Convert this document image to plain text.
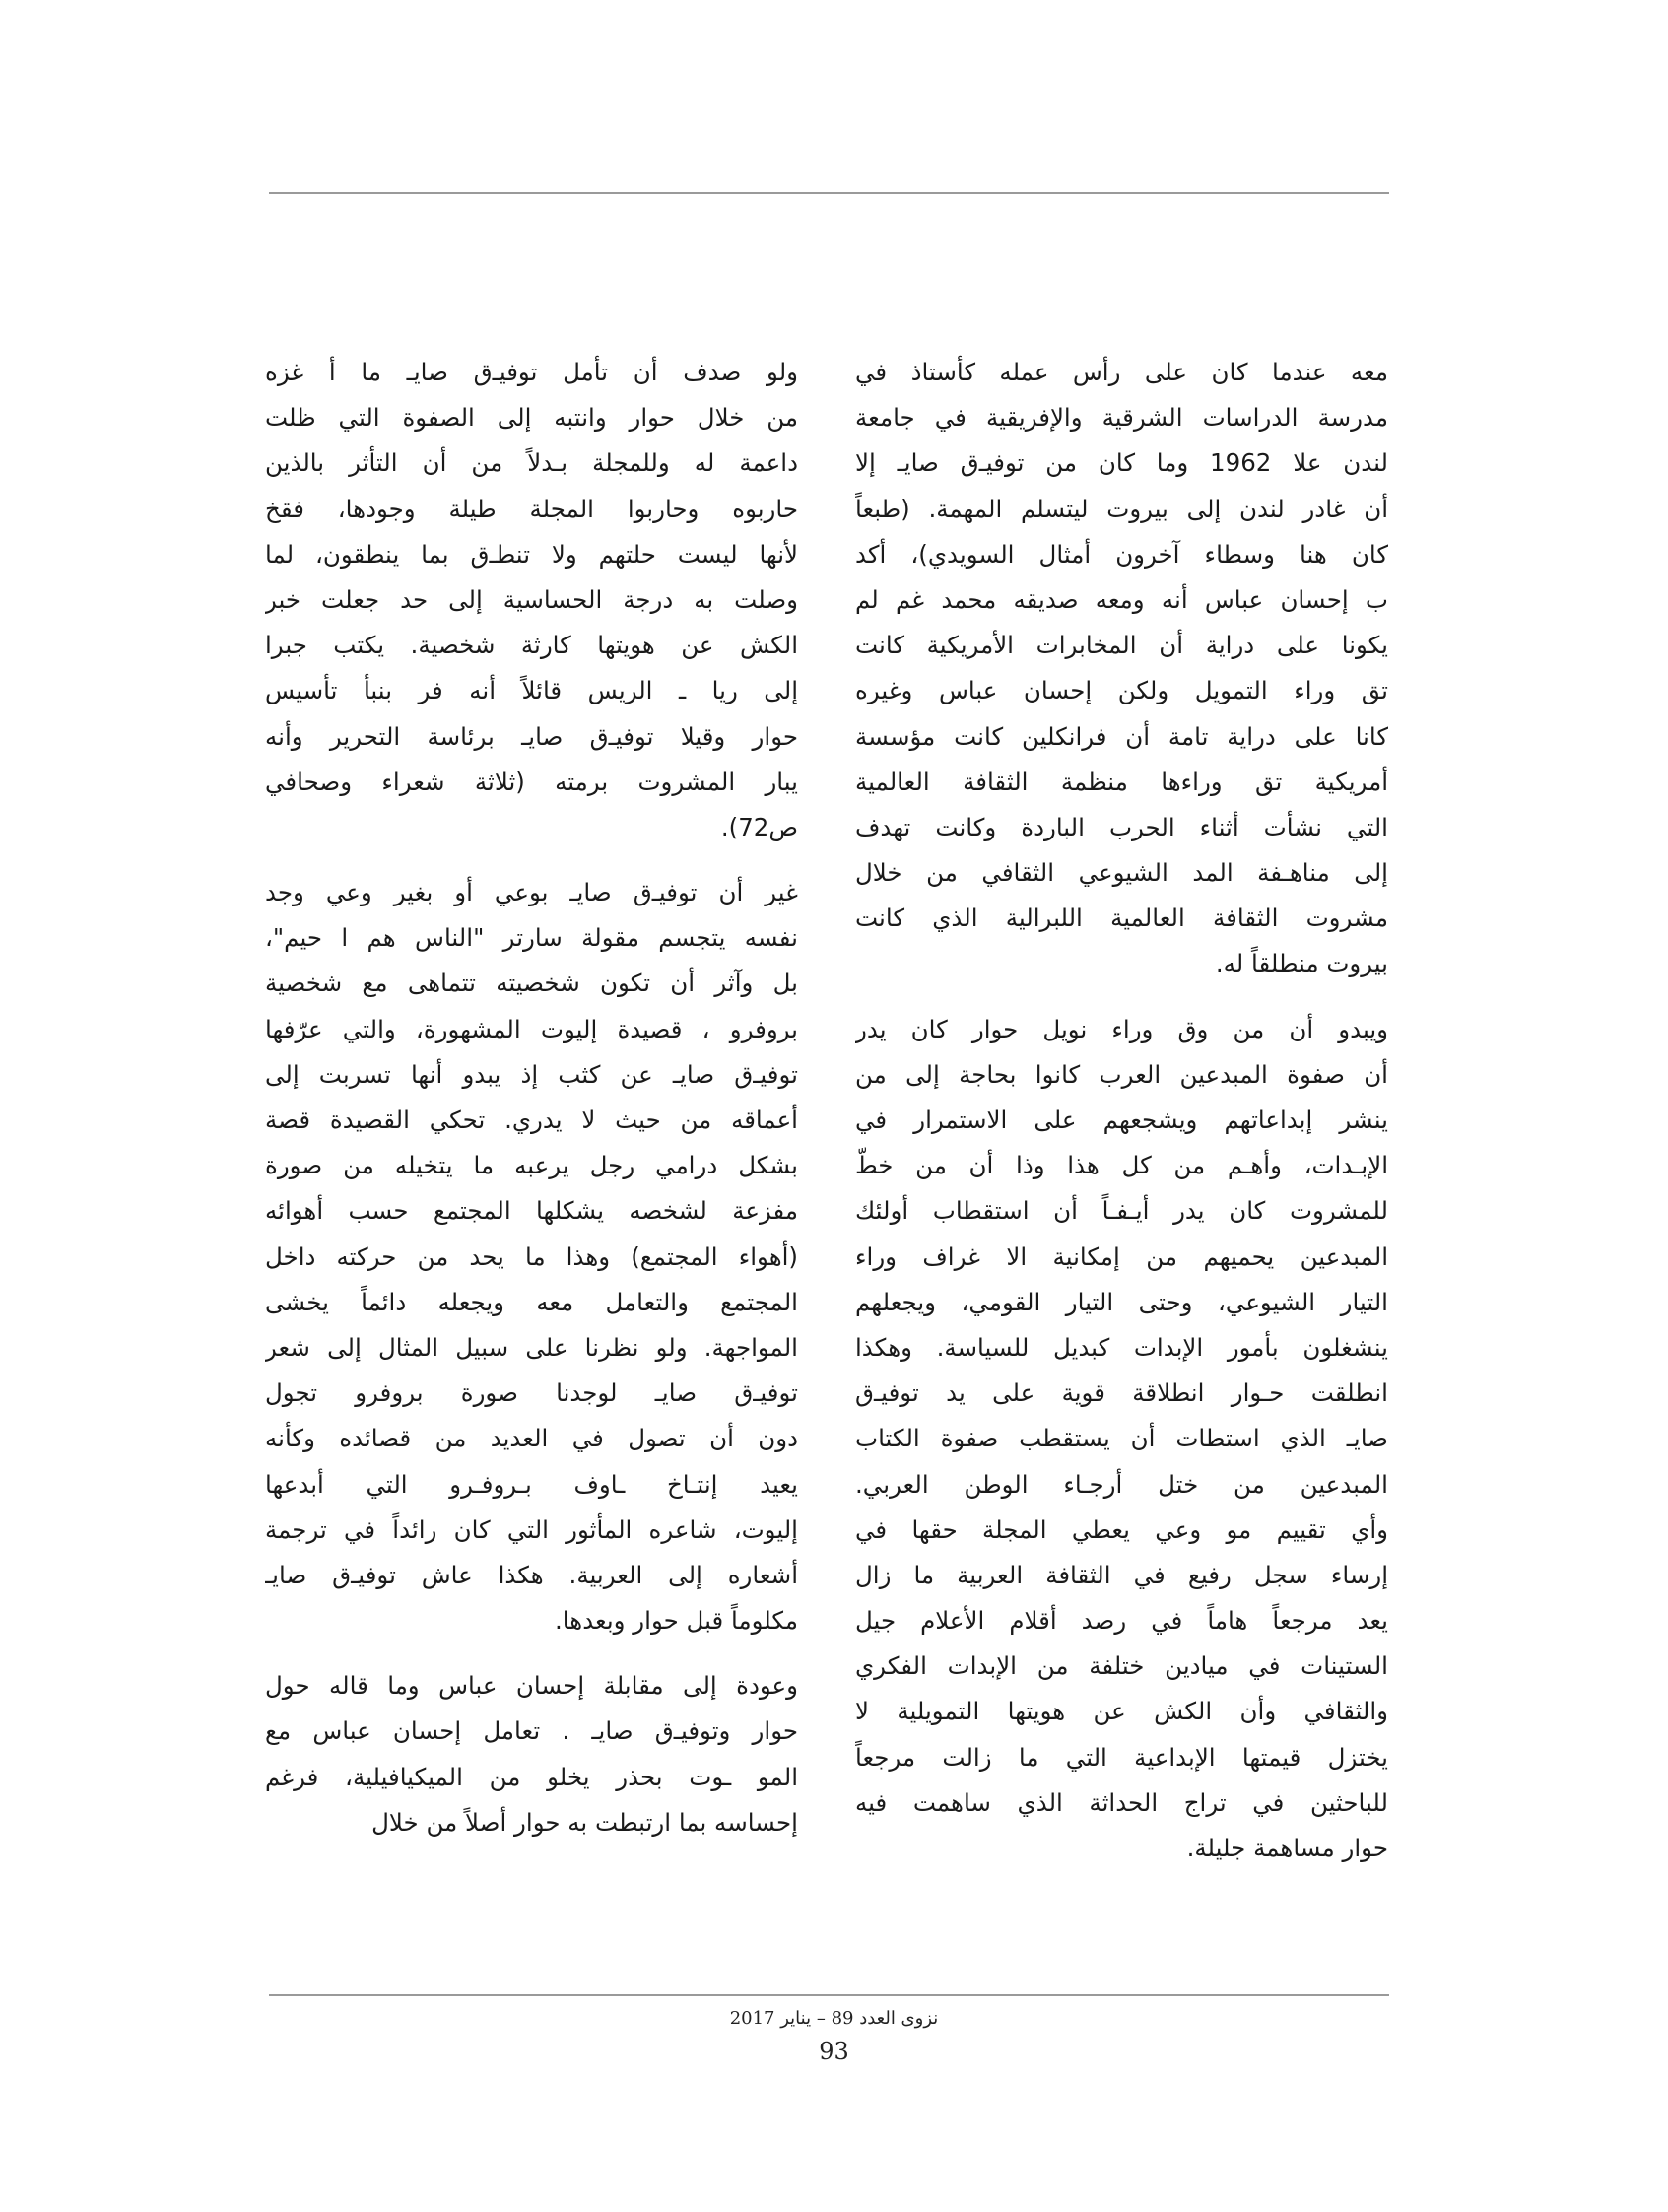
معه عندما كان على رأس عمله كأستاذ في
مدرسة الدراسات الشرقية والإفريقية في جامعة
لندن علا 1962 وما كان من توفيـ‌ق صايـ إلا
أن غادر لندن إلى بيروت ليتسلم المهمة. (طبعاً
كان هنا وسطاء آخرون أمثال السويدي)، أكد
ب إحسان عباس أنه ومعه صديقه محمد غم لم
يكونا على دراية أن المخابرات الأمريكية كانت
تق وراء التمويل ولكن إحسان عباس وغيره
كانا على دراية تامة أن فرانكلين كانت مؤسسة
أمريكية تق وراءها منظمة الثقافة العالمية
التي نشأت أثناء الحرب الباردة وكانت تهدف
إلى مناهـفة المد الشيوعي الثقافي من خلال
مشروت الثقافة العالمية اللبرالية الذي كانت
بيروت منطلقاً له.
ويبدو أن من وق وراء نويل حوار كان يدر
أن صفوة المبدعين العرب كانوا بحاجة إلى من
ينشر إبداعاتهم ويشجعهم على الاستمرار في
الإبـدات، وأهـم من كل هذا وذا أن من خطّ
للمشروت كان يدر أيـفـاً أن استقطاب أولئك
المبدعين يحميهم من إمكانية الا غراف وراء
التيار الشيوعي، وحتى التيار القومي، ويجعلهم
ينشغلون بأمور الإبدات كبديل للسياسة. وهكذا
انطلقت حـوار انطلاقة قوية على يد توفيـ‌ق
صايـ الذي استطات أن يستقطب صفوة الكتاب
المبدعين من ختل أرجـاء الوطن العربي.
وأي تقييم مو وعي يعطي المجلة حقها في
إرساء سجل رفيع في الثقافة العربية ما زال
يعد مرجعاً هاماً في رصد أقلام الأعلام جيل
الستينات في ميادين ختلفة من الإبدات الفكري
والثقافي وأن الكش عن هويتها التمويلية لا
يختزل قيمتها الإبداعية التي ما زالت مرجعاً
للباحثين في تراج الحداثة الذي ساهمت فيه
حوار مساهمة جليلة.
ولو صدف أن تأمل توفيـ‌ق صايـ ما أ غزه
من خلال حوار وانتبه إلى الصفوة التي ظلت
داعمة له وللمجلة بـدلاً من أن التأثر بالذين
حاربوه وحاربوا المجلة طيلة وجودها، فقخ
لأنها ليست حلتهم ولا تنطـ‌ق بما ينطقون، لما
وصلت به درجة الحساسية إلى حد جعلت خبر
الكش عن هويتها كارثة شخصية. يكتب جبرا
إلى ريا ـ الريس قائلاً أنه فر بنبأ تأسيس
حوار وقيلا توفيـ‌ق صايـ برئاسة التحرير وأنه
يبار المشروت برمته (ثلاثة شعراء وصحافي
ص72).
غير أن توفيـ‌ق صايـ بوعي أو بغير وعي وجد
نفسه يتجسم مقولة سارتر "الناس هم ا حيم"،
بل وآثر أن تكون شخصيته تتماهى مع شخصية
بروفرو ، قصيدة إليوت المشهورة، والتي عرّفها
توفيـ‌ق صايـ عن كثب إذ يبدو أنها تسربت إلى
أعماقه من حيث لا يدري. تحكي القصيدة قصة
بشكل درامي رجل يرعبه ما يتخيله من صورة
مفزعة لشخصه يشكلها المجتمع حسب أهوائه
(أهواء المجتمع) وهذا ما يحد من حركته داخل
المجتمع والتعامل معه ويجعله دائماً يخشى
المواجهة. ولو نظرنا على سبيل المثال إلى شعر
توفيـ‌ق صايـ لوجدنا صورة بروفرو تجول
دون أن تصول في العديد من قصائده وكأنه
يعيد إنتـاخ ـاوف بـروفـرو التي أبدعها
إليوت، شاعره المأثور التي كان رائداً في ترجمة
أشعاره إلى العربية. هكذا عاش توفيـ‌ق صايـ
مكلوماً قبل حوار وبعدها.
وعودة إلى مقابلة إحسان عباس وما قاله حول
حوار وتوفيـ‌ق صايـ . تعامل إحسان عباس مع
المو ـوت بحذر يخلو من الميكيافيلية، فرغم
إحساسه بما ارتبطت به حوار أصلاً من خلال
نزوى العدد 89 – يناير 2017
93
